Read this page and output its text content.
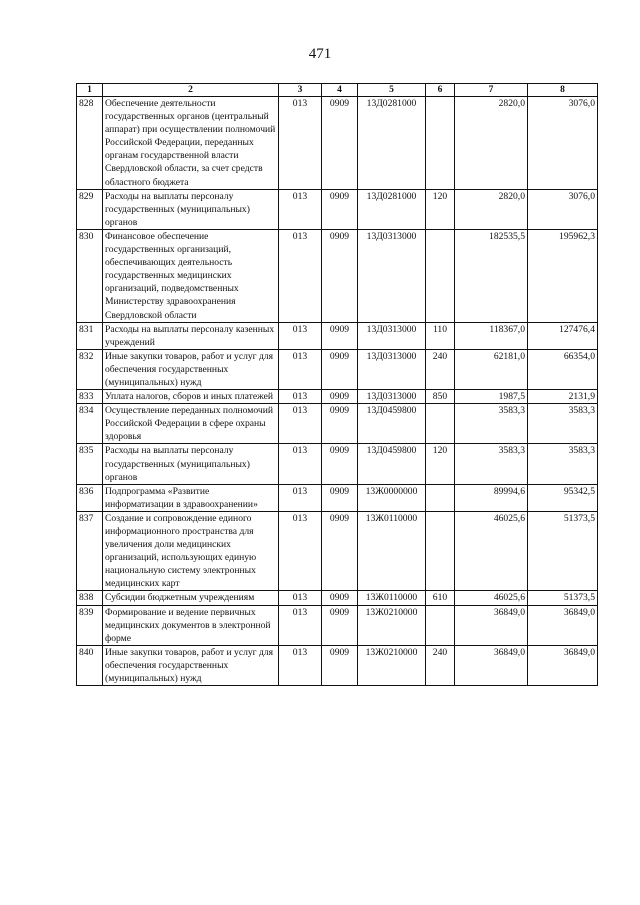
471
1	2	3	4	5	6	7	8
828	Обеспечение деятельности государственных органов (центральный аппарат) при осуществлении полномочий Российской Федерации, переданных органам государственной власти Свердловской области, за счет средств областного бюджета	013	0909	13Д0281000		2820,0	3076,0
829	Расходы на выплаты персоналу государственных (муниципальных) органов	013	0909	13Д0281000	120	2820,0	3076,0
830	Финансовое обеспечение государственных организаций, обеспечивающих деятельность государственных медицинских организаций, подведомственных Министерству здравоохранения Свердловской области	013	0909	13Д0313000		182535,5	195962,3
831	Расходы на выплаты персоналу казенных учреждений	013	0909	13Д0313000	110	118367,0	127476,4
832	Иные закупки товаров, работ и услуг для обеспечения государственных (муниципальных) нужд	013	0909	13Д0313000	240	62181,0	66354,0
833	Уплата налогов, сборов и иных платежей	013	0909	13Д0313000	850	1987,5	2131,9
834	Осуществление переданных полномочий Российской Федерации в сфере охраны здоровья	013	0909	13Д0459800		3583,3	3583,3
835	Расходы на выплаты персоналу государственных (муниципальных) органов	013	0909	13Д0459800	120	3583,3	3583,3
836	Подпрограмма «Развитие информатизации в здравоохранении»	013	0909	13Ж0000000		89994,6	95342,5
837	Создание и сопровождение единого информационного пространства для увеличения доли медицинских организаций, использующих единую национальную систему электронных медицинских карт	013	0909	13Ж0110000		46025,6	51373,5
838	Субсидии бюджетным учреждениям	013	0909	13Ж0110000	610	46025,6	51373,5
839	Формирование и ведение первичных медицинских документов в электронной форме	013	0909	13Ж0210000		36849,0	36849,0
840	Иные закупки товаров, работ и услуг для обеспечения государственных (муниципальных) нужд	013	0909	13Ж0210000	240	36849,0	36849,0
